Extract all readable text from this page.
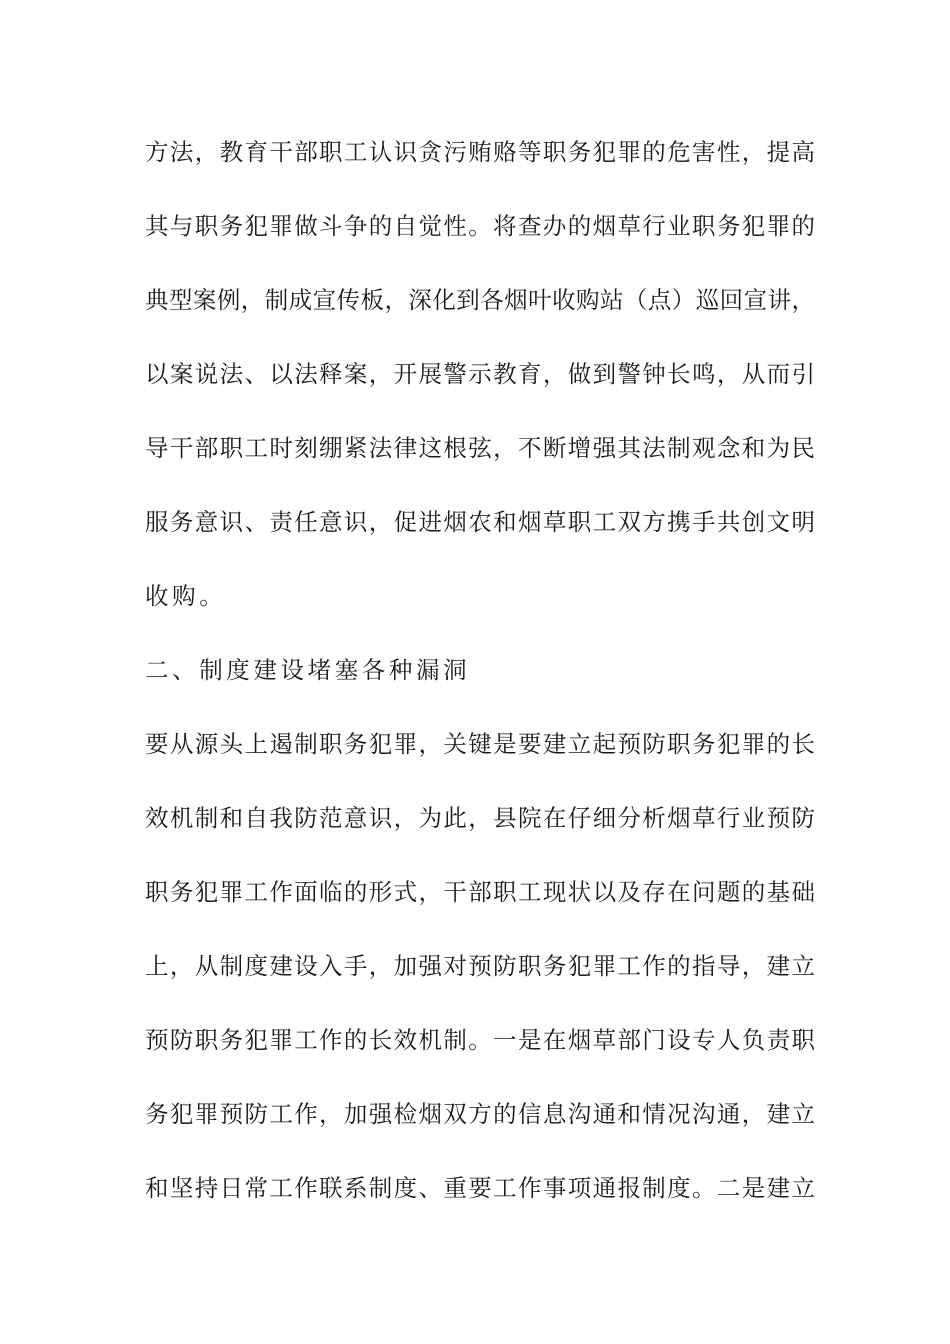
方法，教育干部职工认识贪污贿赂等职务犯罪的危害性，提高
其与职务犯罪做斗争的自觉性。将查办的烟草行业职务犯罪的
典型案例，制成宣传板，深化到各烟叶收购站（点）巡回宣讲，
以案说法、以法释案，开展警示教育，做到警钟长鸣，从而引
导干部职工时刻绷紧法律这根弦，不断增强其法制观念和为民
服务意识、责任意识，促进烟农和烟草职工双方携手共创文明
收购。
二、制度建设堵塞各种漏洞
要从源头上遏制职务犯罪，关键是要建立起预防职务犯罪的长
效机制和自我防范意识，为此，县院在仔细分析烟草行业预防
职务犯罪工作面临的形式，干部职工现状以及存在问题的基础
上，从制度建设入手，加强对预防职务犯罪工作的指导，建立
预防职务犯罪工作的长效机制。一是在烟草部门设专人负责职
务犯罪预防工作，加强检烟双方的信息沟通和情况沟通，建立
和坚持日常工作联系制度、重要工作事项通报制度。二是建立
